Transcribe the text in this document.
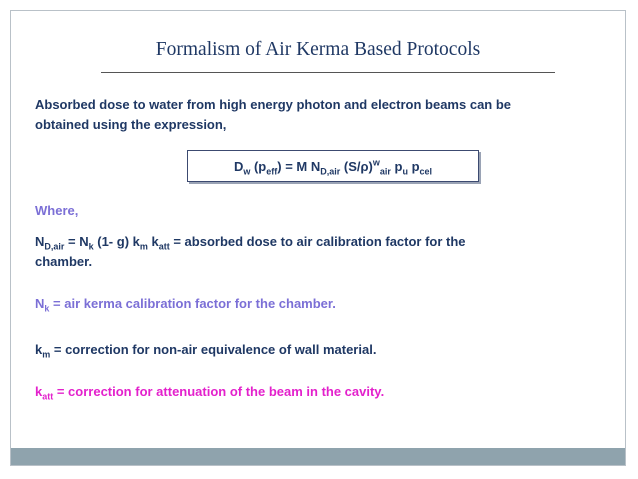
Formalism of Air Kerma Based Protocols
Absorbed dose to water from high energy photon and electron beams can be
obtained using the expression,
$D_w$ $(p_{eff}) = M$ $N_{D,air}$ $(S/\rho)^w_{air}$ $p_u$ $p_{cel}$
Where,
$N_{D,air} = N_k$ (1- g) $k_m$ $k_{att}$ = absorbed dose to air calibration factor for the
chamber.
$N_k$ = air kerma calibration factor for the chamber.
$k_m$ = correction for non-air equivalence of wall material.
$k_{att}$ = correction for attenuation of the beam in the cavity.
